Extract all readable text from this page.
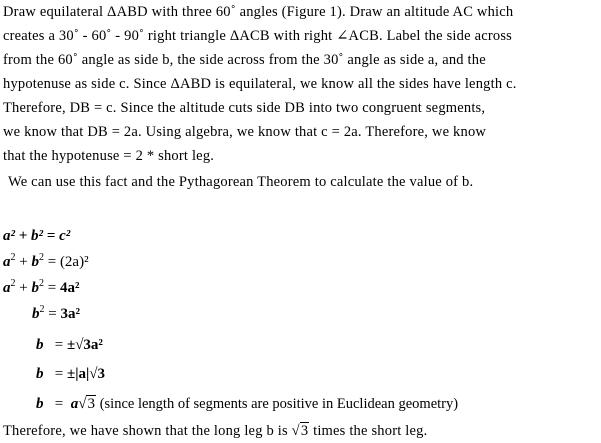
Draw equilateral ΔABD with three 60˚ angles (Figure 1). Draw an altitude AC which
creates a 30˚ - 60˚ - 90˚ right triangle ΔACB with right ∠ACB. Label the side across
from the 60˚ angle as side b, the side across from the 30˚ angle as side a, and the
hypotenuse as side c. Since ΔABD is equilateral, we know all the sides have length c.
Therefore, DB = c. Since the altitude cuts side DB into two congruent segments,
we know that DB = 2a. Using algebra, we know that c = 2a. Therefore, we know
that the hypotenuse = 2 * short leg.
We can use this fact and the Pythagorean Theorem to calculate the value of b.
a² + b² = c²
$a^2 + b^2 = (2a)^2$
$a^2 + b^2 = 4a^2$
$b^2 = 3a^2$
b   = ±√3a²
b   = ±|a|√3
b   =  a√3 (since length of segments are positive in Euclidean geometry)
Therefore, we have shown that the long leg b is √3 times the short leg.
